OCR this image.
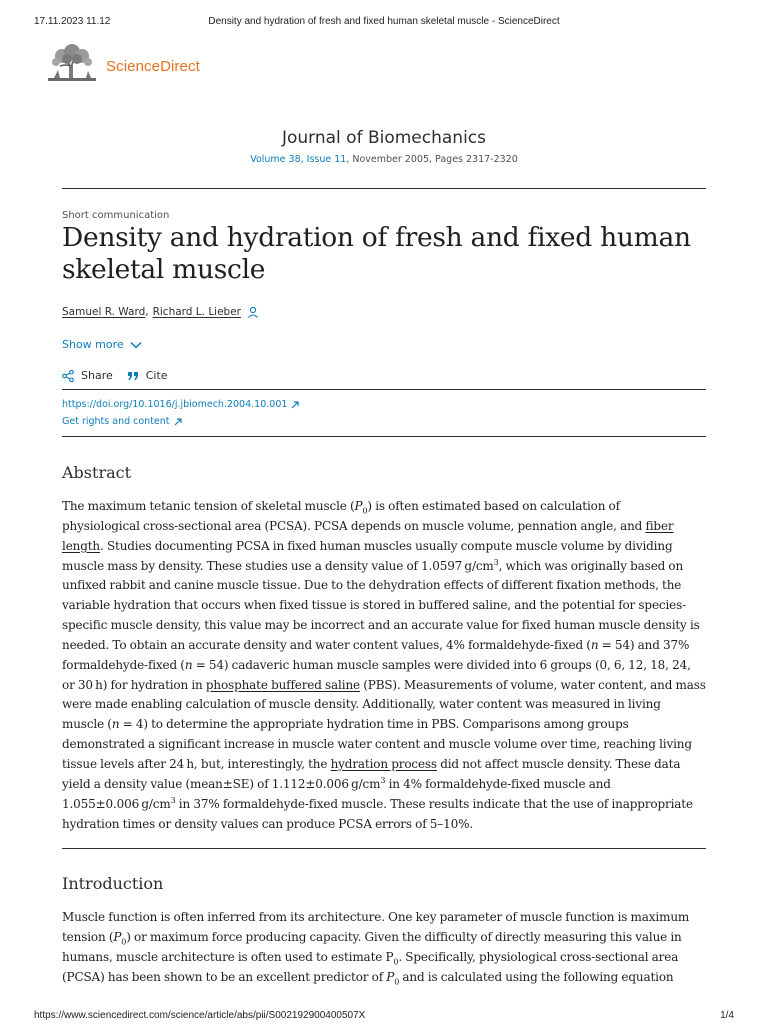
17.11.2023 11.12	Density and hydration of fresh and fixed human skeletal muscle - ScienceDirect
ScienceDirect
Journal of Biomechanics
Volume 38, Issue 11, November 2005, Pages 2317-2320
Short communication
Density and hydration of fresh and fixed human skeletal muscle
Samuel R. Ward , Richard L. Lieber
Show more
Share	Cite
https://doi.org/10.1016/j.jbiomech.2004.10.001
Get rights and content
Abstract
The maximum tetanic tension of skeletal muscle $(P_0)$ is often estimated based on calculation of
physiological cross-sectional area (PCSA). PCSA depends on muscle volume, pennation angle, and fiber
length. Studies documenting PCSA in fixed human muscles usually compute muscle volume by dividing
muscle mass by density. These studies use a density value of 1.0597 $g/cm^3$, which was originally based on
unfixed rabbit and canine muscle tissue. Due to the dehydration effects of different fixation methods, the
variable hydration that occurs when fixed tissue is stored in buffered saline, and the potential for species-
specific muscle density, this value may be incorrect and an accurate value for fixed human muscle density is
needed. To obtain an accurate density and water content values, 4% formaldehyde-fixed (n = 54) and 37%
formaldehyde-fixed (n = 54) cadaveric human muscle samples were divided into 6 groups (0, 6, 12, 18, 24,
or 30 h) for hydration in phosphate buffered saline (PBS). Measurements of volume, water content, and mass
were made enabling calculation of muscle density. Additionally, water content was measured in living
muscle (n = 4) to determine the appropriate hydration time in PBS. Comparisons among groups
demonstrated a significant increase in muscle water content and muscle volume over time, reaching living
tissue levels after 24 h, but, interestingly, the hydration process did not affect muscle density. These data
yield a density value (mean±SE) of 1.112±0.006 $g/cm^3$ in 4% formaldehyde-fixed muscle and
1.055±0.006 $g/cm^3$ in 37% formaldehyde-fixed muscle. These results indicate that the use of inappropriate
hydration times or density values can produce PCSA errors of 5–10%.
Introduction
Muscle function is often inferred from its architecture. One key parameter of muscle function is maximum
tension $(P_0)$ or maximum force producing capacity. Given the difficulty of directly measuring this value in
humans, muscle architecture is often used to estimate $P_0$. Specifically, physiological cross-sectional area
(PCSA) has been shown to be an excellent predictor of $P_0$ and is calculated using the following equation
https://www.sciencedirect.com/science/article/abs/pii/S002192900400507X	1/4
